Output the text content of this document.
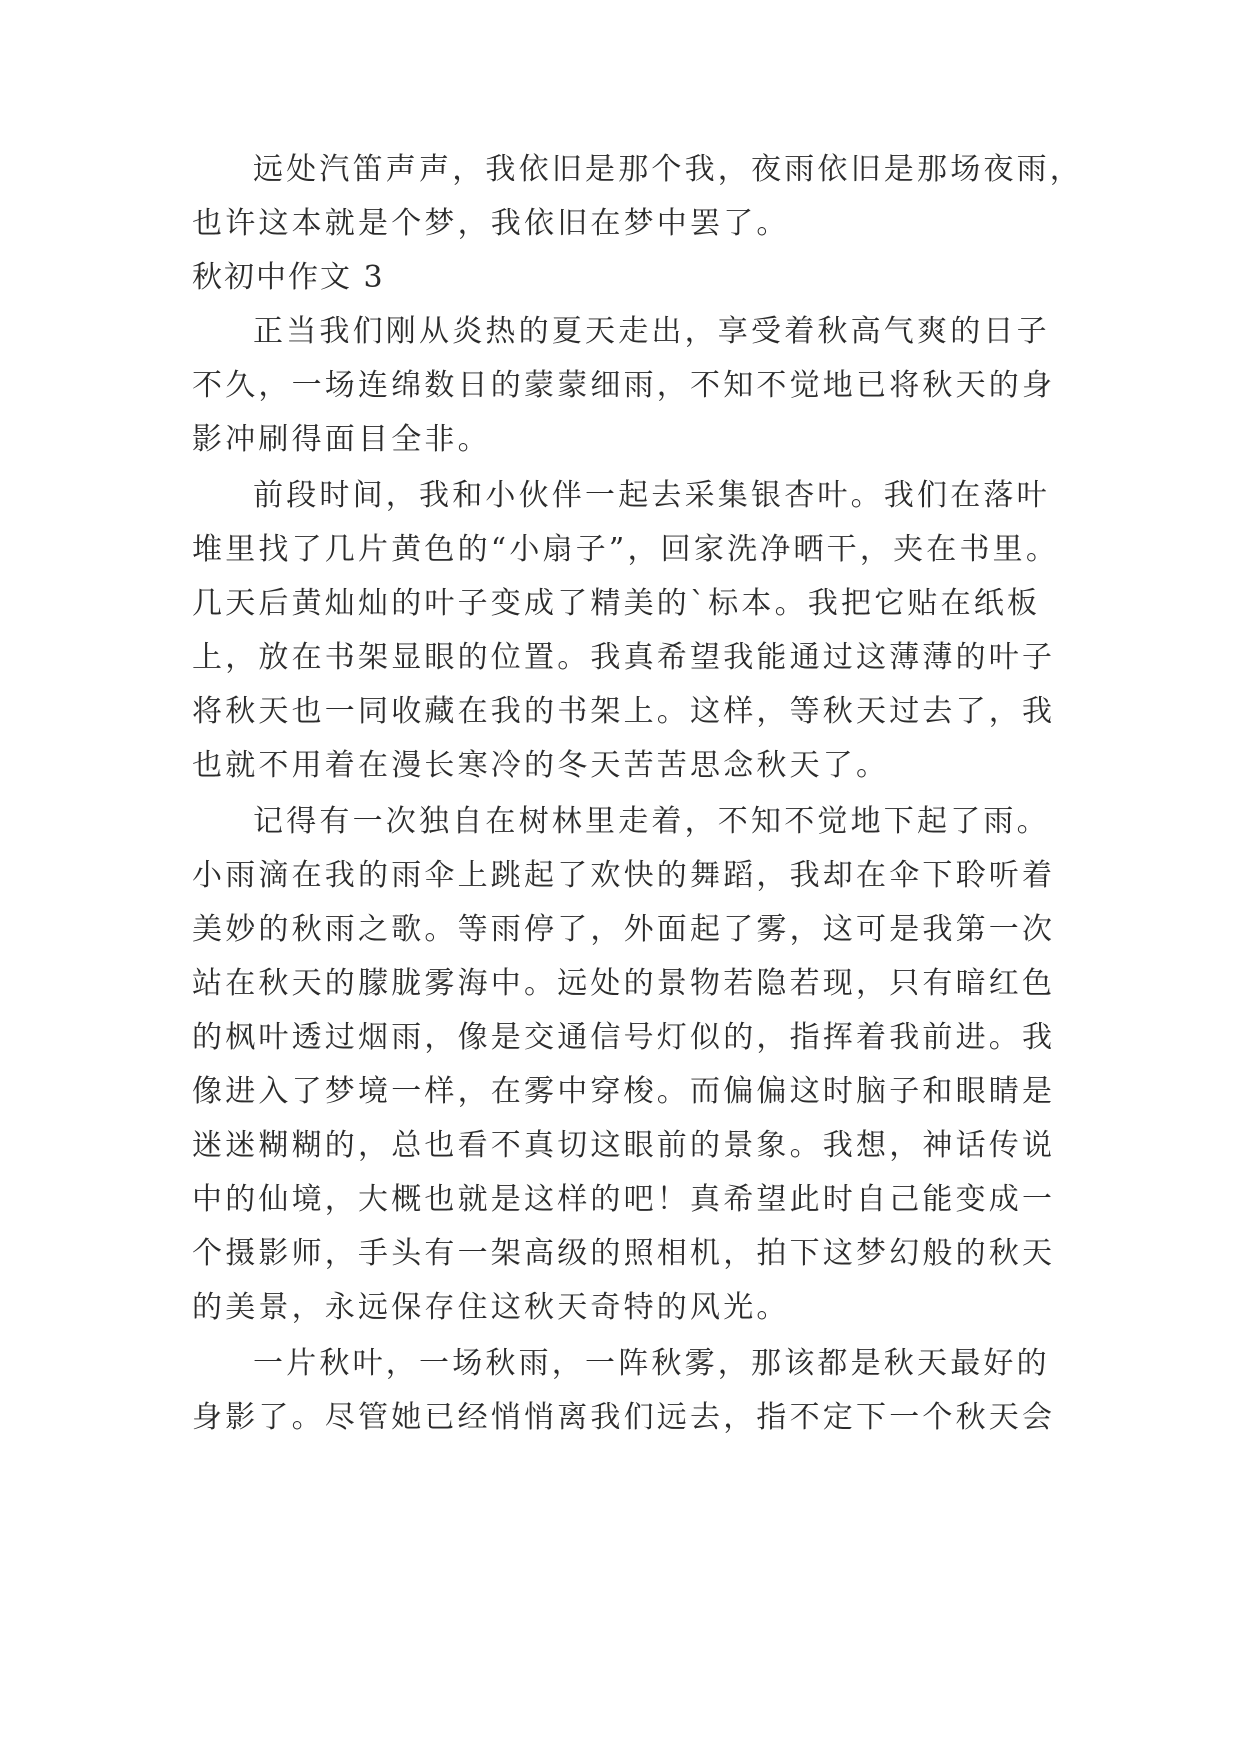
远处汽笛声声，我依旧是那个我，夜雨依旧是那场夜雨，
也许这本就是个梦，我依旧在梦中罢了。
秋初中作文 3
正当我们刚从炎热的夏天走出，享受着秋高气爽的日子
不久，一场连绵数日的蒙蒙细雨，不知不觉地已将秋天的身
影冲刷得面目全非。
前段时间，我和小伙伴一起去采集银杏叶。我们在落叶
堆里找了几片黄色的“小扇子”，回家洗净晒干，夹在书里。
几天后黄灿灿的叶子变成了精美的`标本。我把它贴在纸板
上，放在书架显眼的位置。我真希望我能通过这薄薄的叶子
将秋天也一同收藏在我的书架上。这样，等秋天过去了，我
也就不用着在漫长寒冷的冬天苦苦思念秋天了。
记得有一次独自在树林里走着，不知不觉地下起了雨。
小雨滴在我的雨伞上跳起了欢快的舞蹈，我却在伞下聆听着
美妙的秋雨之歌。等雨停了，外面起了雾，这可是我第一次
站在秋天的朦胧雾海中。远处的景物若隐若现，只有暗红色
的枫叶透过烟雨，像是交通信号灯似的，指挥着我前进。我
像进入了梦境一样，在雾中穿梭。而偏偏这时脑子和眼睛是
迷迷糊糊的，总也看不真切这眼前的景象。我想，神话传说
中的仙境，大概也就是这样的吧！真希望此时自己能变成一
个摄影师，手头有一架高级的照相机，拍下这梦幻般的秋天
的美景，永远保存住这秋天奇特的风光。
一片秋叶，一场秋雨，一阵秋雾，那该都是秋天最好的
身影了。尽管她已经悄悄离我们远去，指不定下一个秋天会
